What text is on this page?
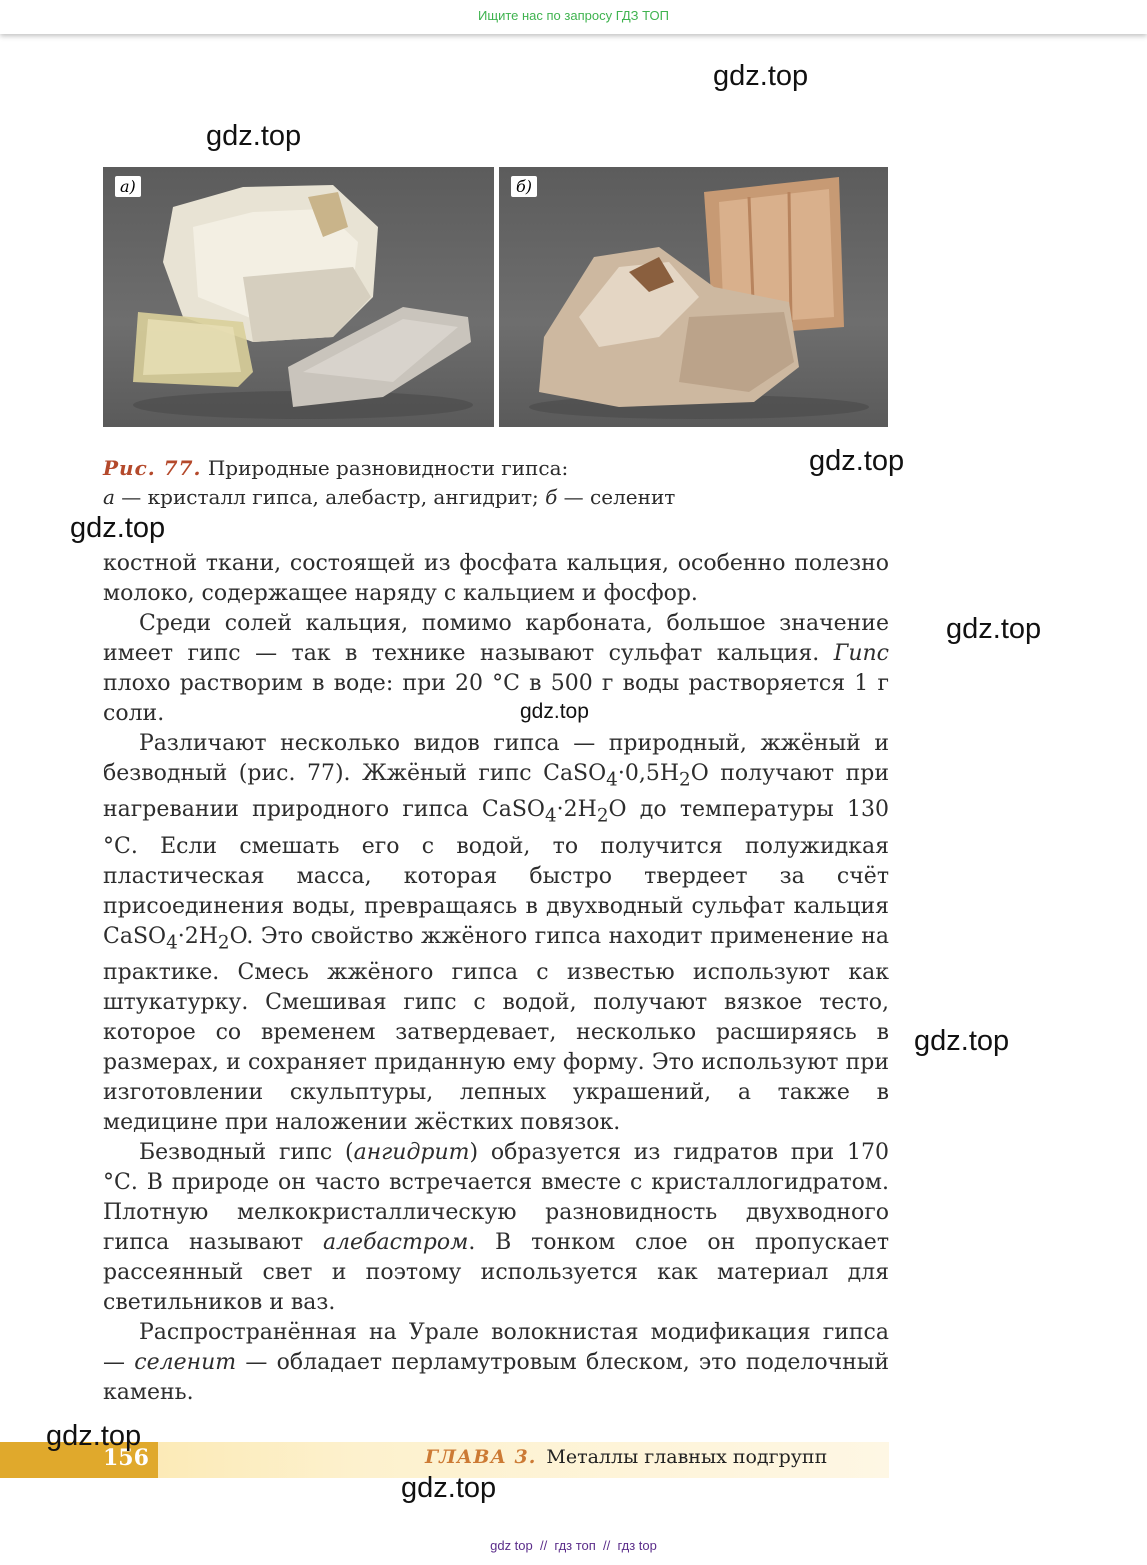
Ищите нас по запросу ГДЗ ТОП
gdz.top
gdz.top
gdz.top
gdz.top
gdz.top
gdz.top
gdz.top
а)	б)
Рис. 77. Природные разновидности гипса:
а — кристалл гипса, алебастр, ангидрит; б — селенит

костной ткани, состоящей из фосфата кальция, особенно полезно молоко, содержащее наряду с кальцием и фосфор.

Среди солей кальция, помимо карбоната, большое значение имеет гипс — так в технике называют сульфат кальция. Гипс плохо растворим в воде: при 20 °С в 500 г воды растворяется 1 г соли.

Различают несколько видов гипса — природный, жжёный и безводный (рис. 77). Жжёный гипс $CaSO_4\cdot 0,5H_2O$ получают при нагревании природного гипса $CaSO_4\cdot 2H_2O$ до температуры 130 °С. Если смешать его с водой, то получится полужидкая пластическая масса, которая быстро твердеет за счёт присоединения воды, превращаясь в двухводный сульфат кальция $CaSO_4\cdot 2H_2O$. Это свойство жжёного гипса находит применение на практике. Смесь жжёного гипса с известью используют как штукатурку. Смешивая гипс с водой, получают вязкое тесто, которое со временем затвердевает, несколько расширяясь в размерах, и сохраняет приданную ему форму. Это используют при изготовлении скульптуры, лепных украшений, а также в медицине при наложении жёстких повязок.

Безводный гипс (ангидрит) образуется из гидратов при 170 °С. В природе он часто встречается вместе с кристаллогидратом. Плотную мелкокристаллическую разновидность двухводного гипса называют алебастром. В тонком слое он пропускает рассеянный свет и поэтому используется как материал для светильников и ваз.

Распространённая на Урале волокнистая модификация гипса — селенит — обладает перламутровым блеском, это поделочный камень.

156	ГЛАВА 3. Металлы главных подгрупп
gdz.top
gdz.top
gdz top  //  гдз топ  //  гдз top
